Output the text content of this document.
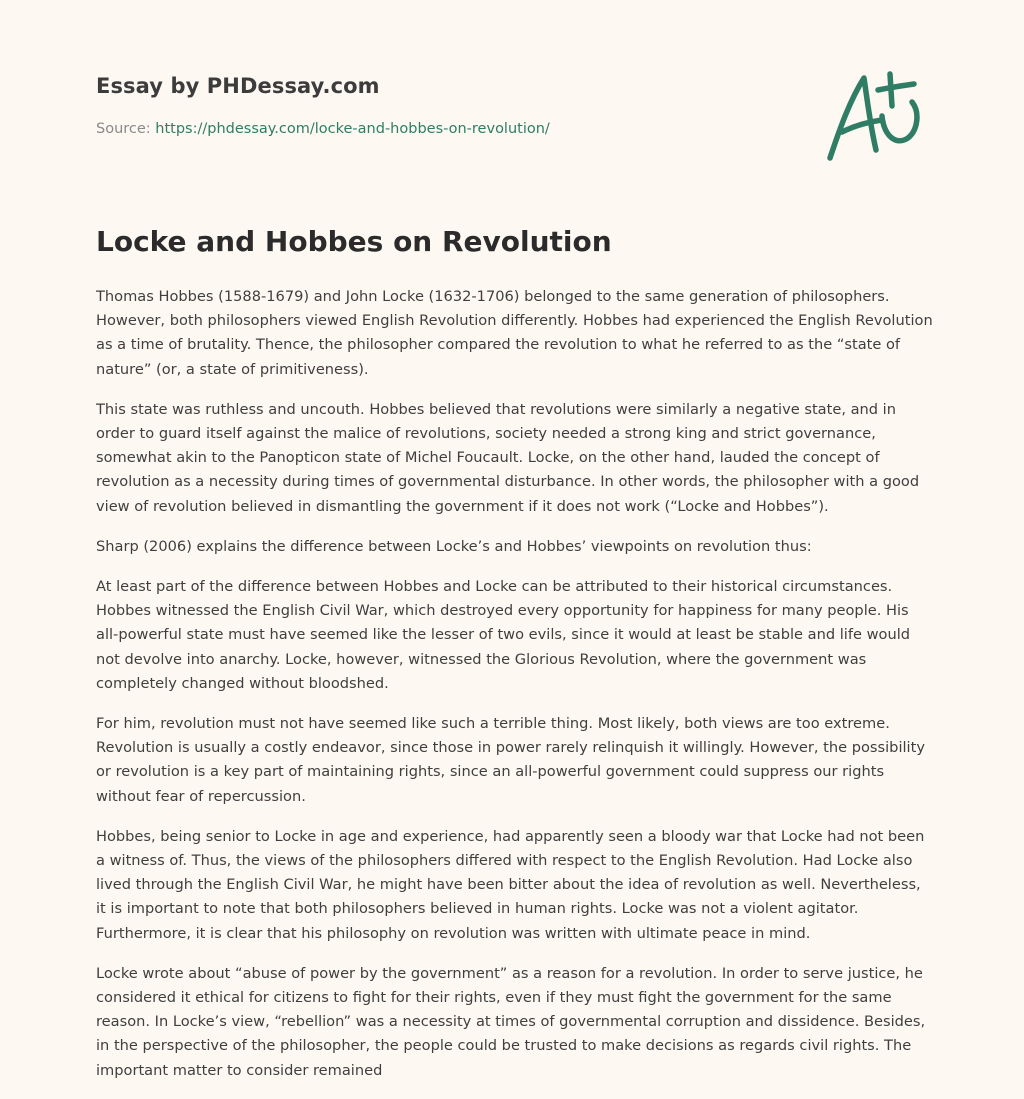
Essay by PHDessay.com
Source: https://phdessay.com/locke-and-hobbes-on-revolution/
Locke and Hobbes on Revolution

Thomas Hobbes (1588-1679) and John Locke (1632-1706) belonged to the same generation of philosophers. However, both philosophers viewed English Revolution differently. Hobbes had experienced the English Revolution as a time of brutality. Thence, the philosopher compared the revolution to what he referred to as the “state of nature” (or, a state of primitiveness).

This state was ruthless and uncouth. Hobbes believed that revolutions were similarly a negative state, and in order to guard itself against the malice of revolutions, society needed a strong king and strict governance, somewhat akin to the Panopticon state of Michel Foucault. Locke, on the other hand, lauded the concept of revolution as a necessity during times of governmental disturbance. In other words, the philosopher with a good view of revolution believed in dismantling the government if it does not work (“Locke and Hobbes”).

Sharp (2006) explains the difference between Locke’s and Hobbes’ viewpoints on revolution thus:

At least part of the difference between Hobbes and Locke can be attributed to their historical circumstances. Hobbes witnessed the English Civil War, which destroyed every opportunity for happiness for many people. His all-powerful state must have seemed like the lesser of two evils, since it would at least be stable and life would not devolve into anarchy. Locke, however, witnessed the Glorious Revolution, where the government was completely changed without bloodshed.

For him, revolution must not have seemed like such a terrible thing. Most likely, both views are too extreme. Revolution is usually a costly endeavor, since those in power rarely relinquish it willingly. However, the possibility or revolution is a key part of maintaining rights, since an all-powerful government could suppress our rights without fear of repercussion.

Hobbes, being senior to Locke in age and experience, had apparently seen a bloody war that Locke had not been a witness of. Thus, the views of the philosophers differed with respect to the English Revolution. Had Locke also lived through the English Civil War, he might have been bitter about the idea of revolution as well. Nevertheless, it is important to note that both philosophers believed in human rights. Locke was not a violent agitator. Furthermore, it is clear that his philosophy on revolution was written with ultimate peace in mind.

Locke wrote about “abuse of power by the government” as a reason for a revolution. In order to serve justice, he considered it ethical for citizens to fight for their rights, even if they must fight the government for the same reason. In Locke’s view, “rebellion” was a necessity at times of governmental corruption and dissidence. Besides, in the perspective of the philosopher, the people could be trusted to make decisions as regards civil rights. The important matter to consider remained
